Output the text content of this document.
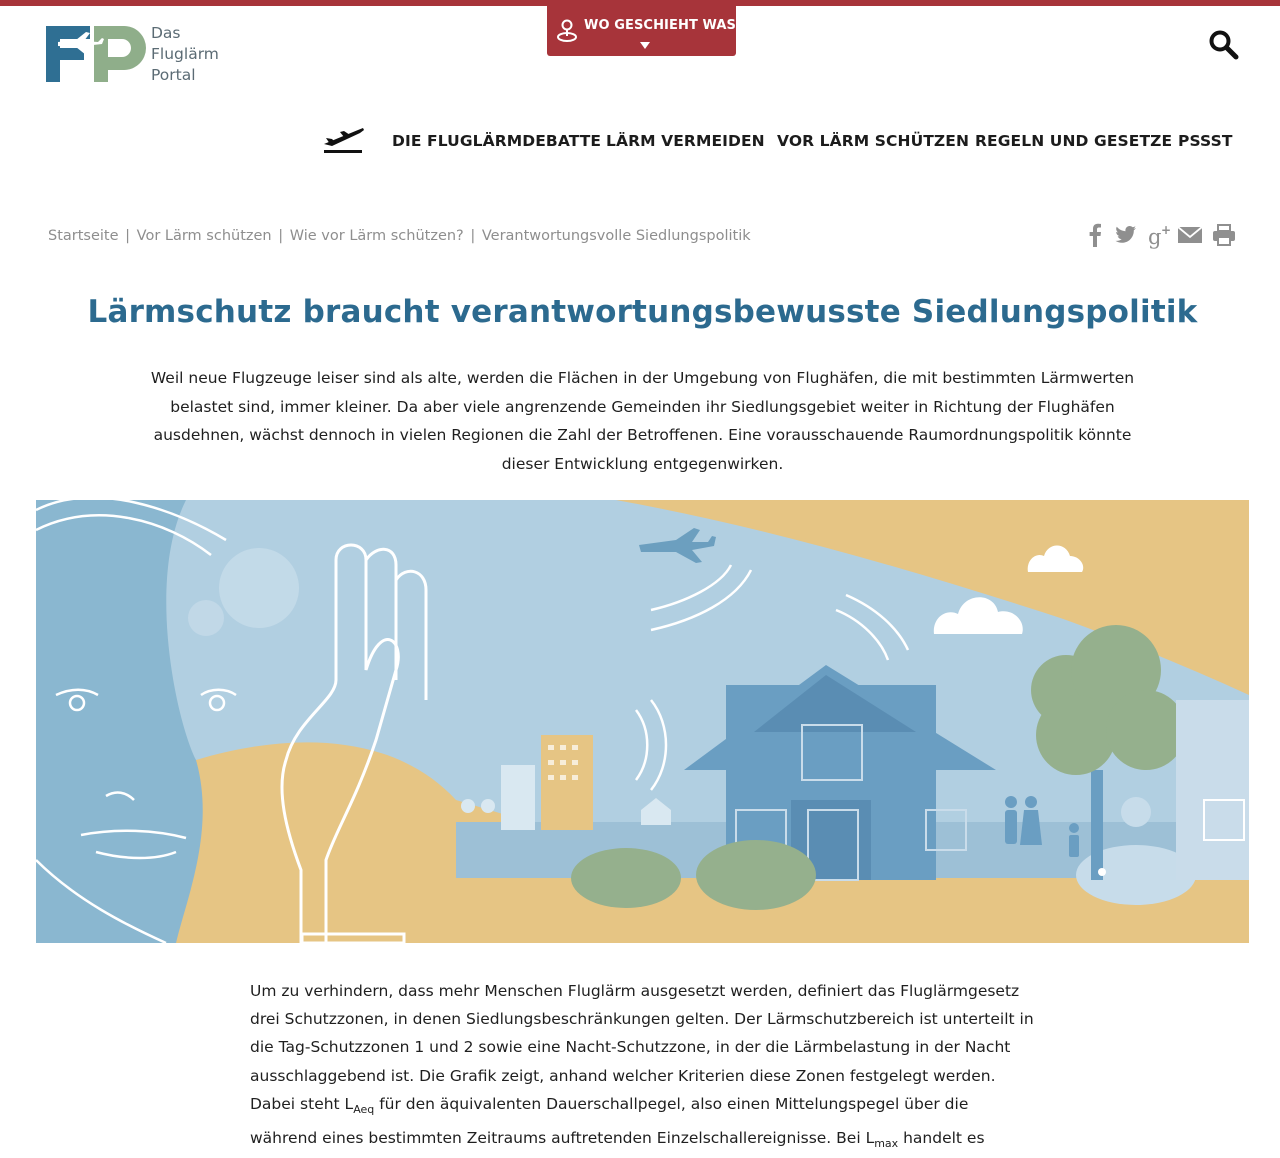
Das
Fluglärm
Portal
WO GESCHIEHT WAS?
DIE FLUGLÄRMDEBATTE LÄRM VERMEIDEN VOR LÄRM SCHÜTZEN REGELN UND GESETZE PSSST
Startseite | Vor Lärm schützen | Wie vor Lärm schützen? | Verantwortungsvolle Siedlungspolitik	g +
Lärmschutz braucht verantwortungsbewusste Siedlungspolitik

Weil neue Flugzeuge leiser sind als alte, werden die Flächen in der Umgebung von Flughäfen, die mit bestimmten Lärmwerten belastet sind, immer kleiner. Da aber viele angrenzende Gemeinden ihr Siedlungsgebiet weiter in Richtung der Flughäfen ausdehnen, wächst dennoch in vielen Regionen die Zahl der Betroffenen. Eine vorausschauende Raumordnungspolitik könnte dieser Entwicklung entgegenwirken.

Um zu verhindern, dass mehr Menschen Fluglärm ausgesetzt werden, definiert das Fluglärmgesetz drei Schutzzonen, in denen Siedlungsbeschränkungen gelten. Der Lärmschutzbereich ist unterteilt in die Tag-Schutzzonen 1 und 2 sowie eine Nacht-Schutzzone, in der die Lärmbelastung in der Nacht ausschlaggebend ist. Die Grafik zeigt, anhand welcher Kriterien diese Zonen festgelegt werden. Dabei steht $L_{Aeq}$ für den äquivalenten Dauerschallpegel, also einen Mittelungspegel über die während eines bestimmten Zeitraums auftretenden Einzelschallereignisse. Bei $L_{max}$ handelt es
